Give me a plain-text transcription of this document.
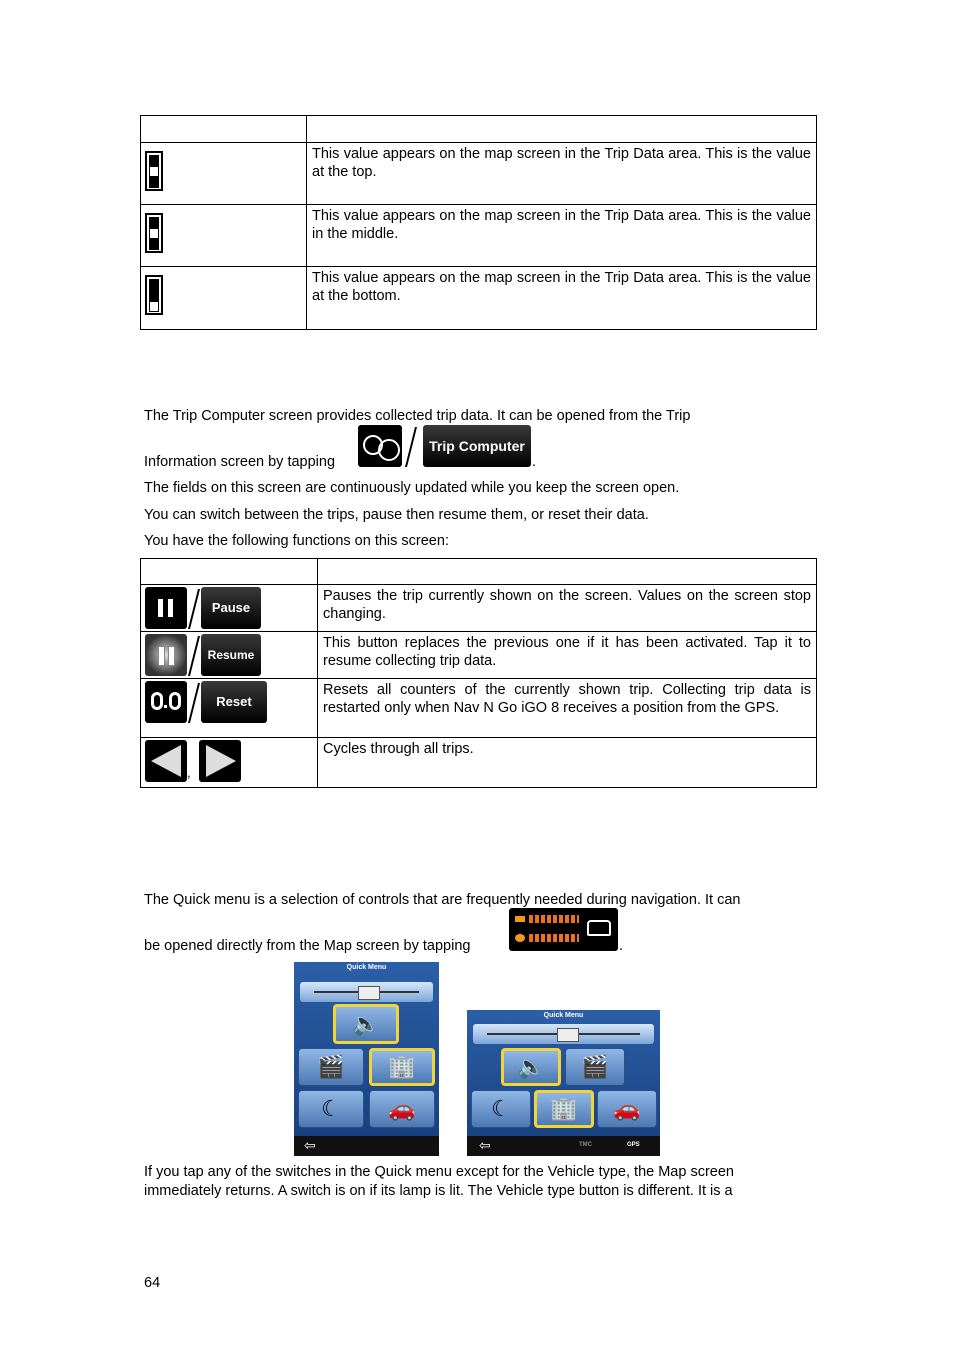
	This value appears on the map screen in the Trip Data area. This is the value at the top.

	This value appears on the map screen in the Trip Data area. This is the value in the middle.

	This value appears on the map screen in the Trip Data area. This is the value at the bottom.
The Trip Computer screen provides collected trip data. It can be opened from the Trip
Information screen by tapping
Trip Computer
.
The fields on this screen are continuously updated while you keep the screen open.
You can switch between the trips, pause then resume them, or reset their data.
You have the following functions on this screen:

Pause	Pauses the trip currently shown on the screen. Values on the screen stop changing.

Resume	This button replaces the previous one if it has been activated. Tap it to resume collecting trip data.

Reset	Resets all counters of the currently shown trip. Collecting trip data is restarted only when Nav N Go iGO 8 receives a position from the GPS.

,	Cycles through all trips.
The Quick menu is a selection of controls that are frequently needed during navigation. It can
be opened directly from the Map screen by tapping	.
Quick Menu
🔈
🎬 🏢
☾ 🚗
⇦
Quick Menu
🔈 🎬
☾ 🏢 🚗
⇦	TMC	GPS
If you tap any of the switches in the Quick menu except for the Vehicle type, the Map screen
immediately returns. A switch is on if its lamp is lit. The Vehicle type button is different. It is a
64
